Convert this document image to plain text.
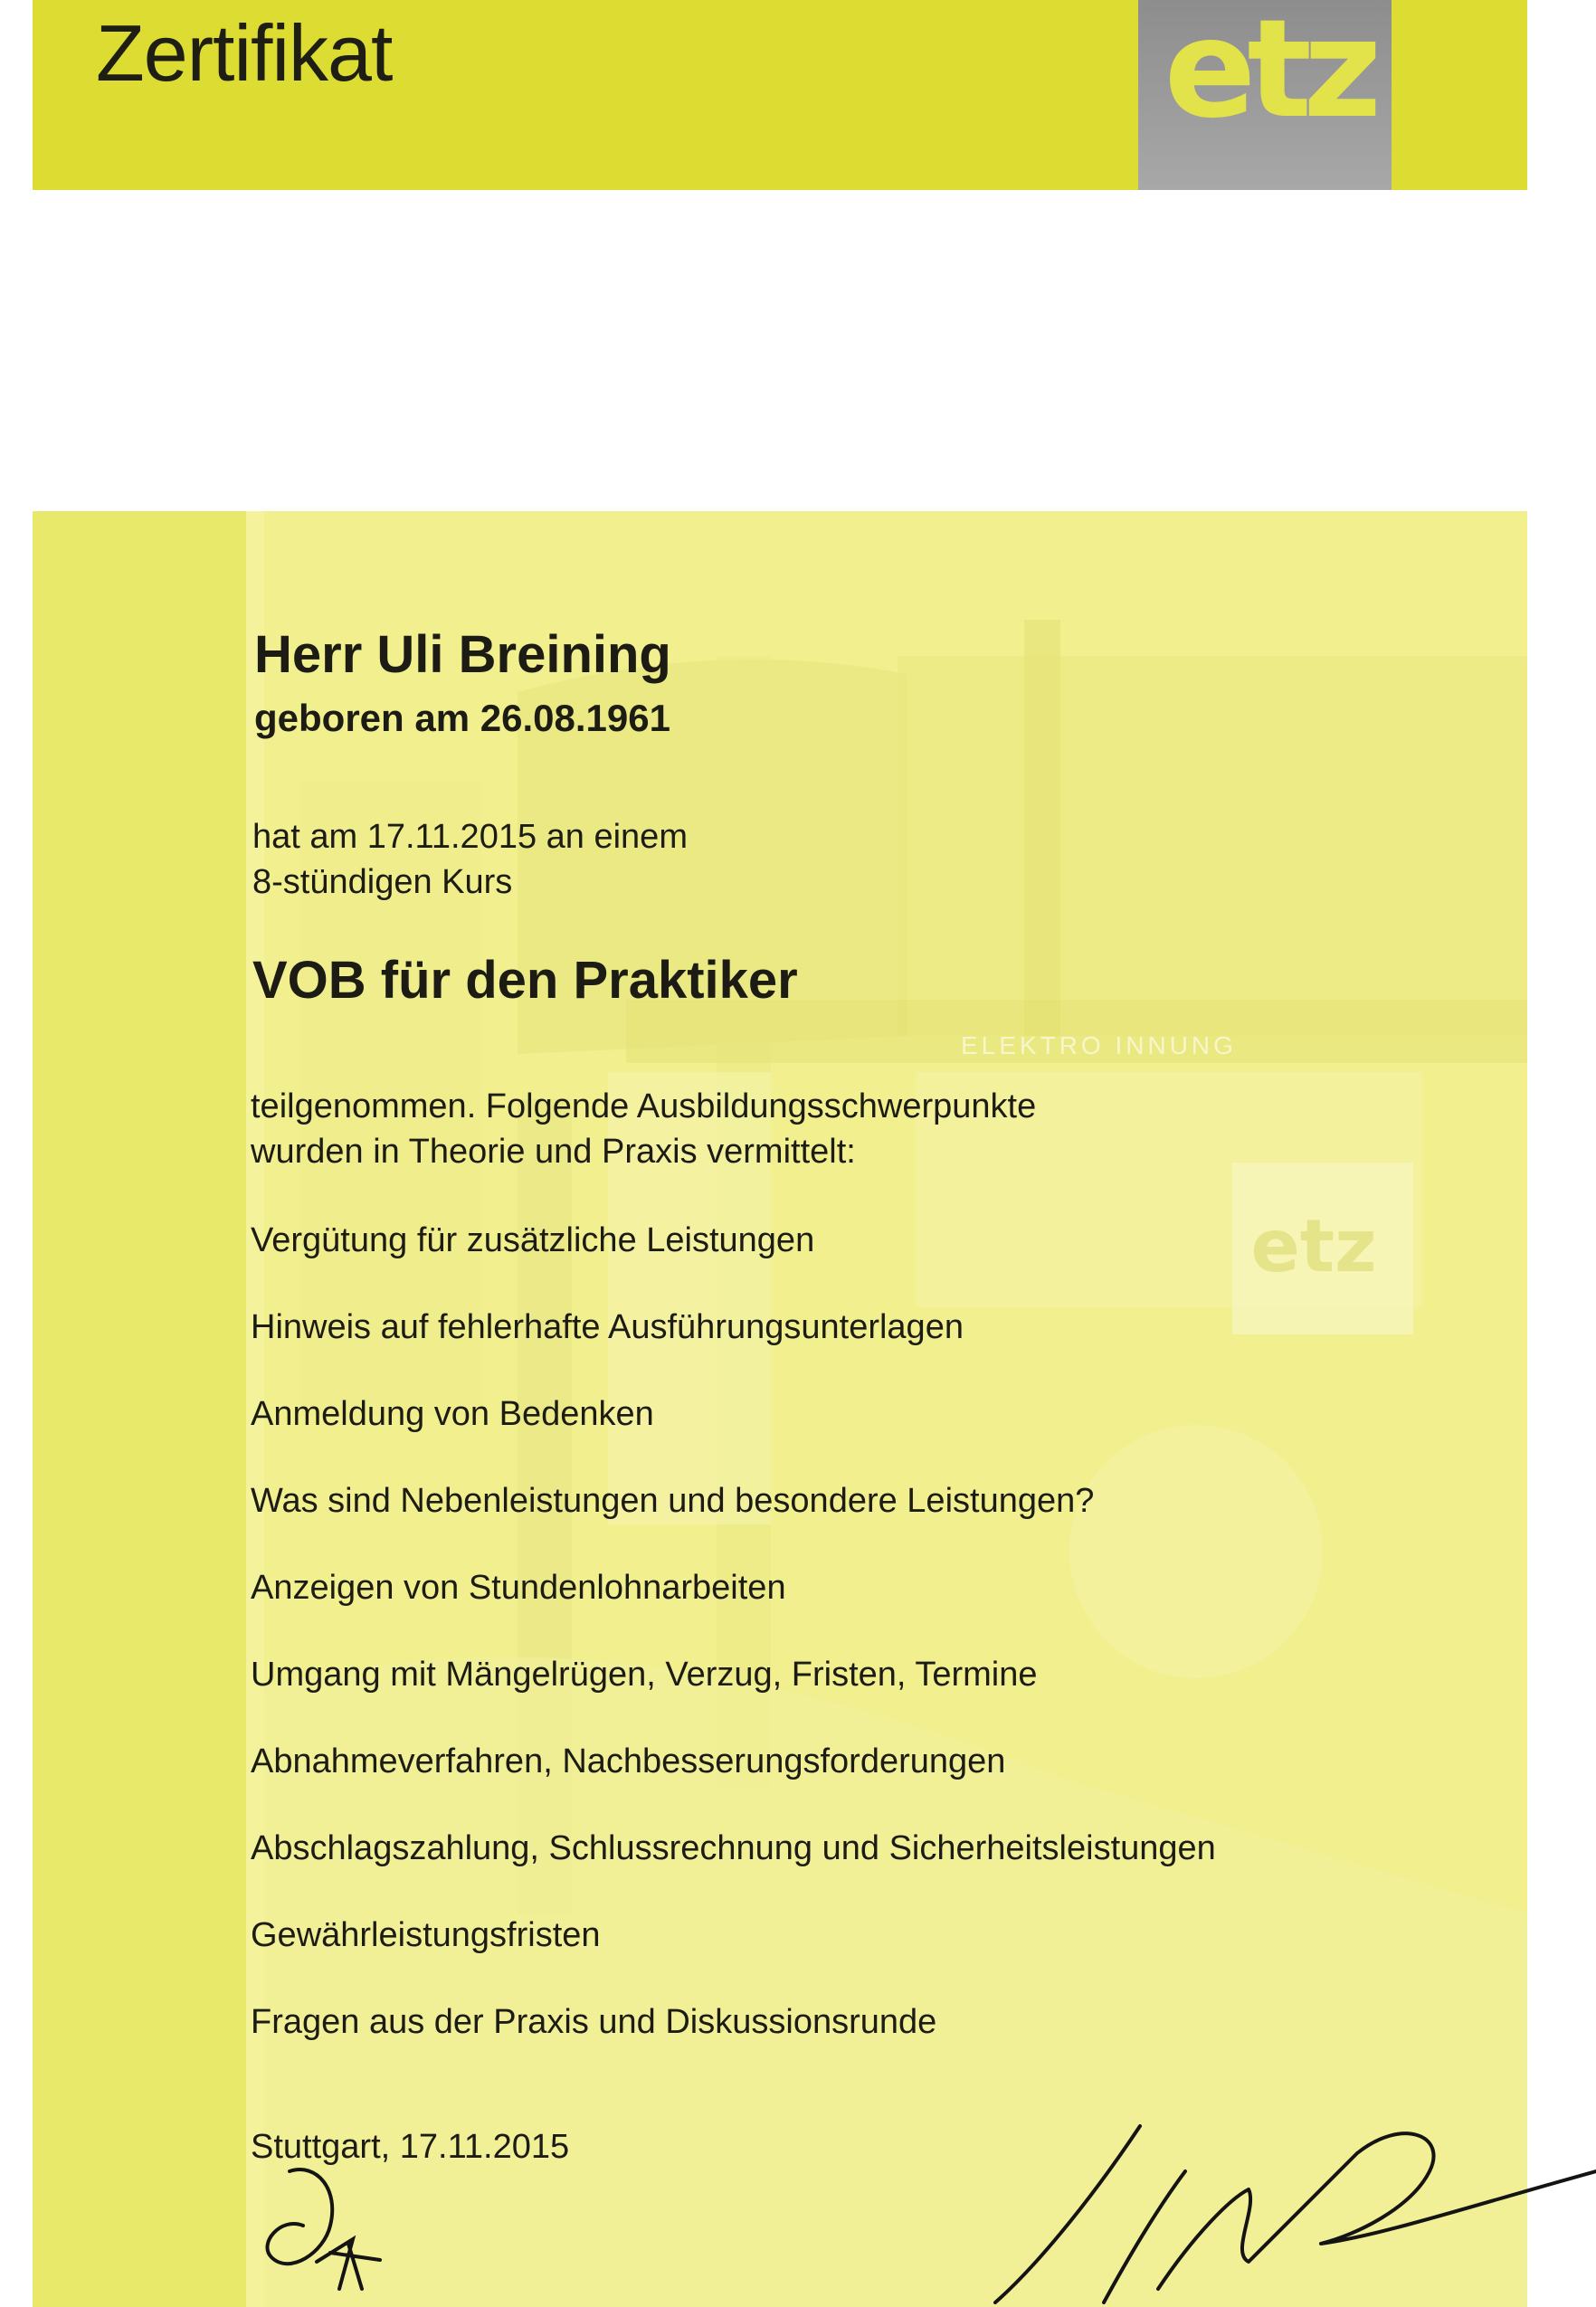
Zertifikat	etz
etz
ELEKTRO INNUNG
Herr Uli Breining
geboren am 26.08.1961
hat am 17.11.2015 an einem
8-stündigen Kurs
VOB für den Praktiker
teilgenommen. Folgende Ausbildungsschwerpunkte
wurden in Theorie und Praxis vermittelt:
Vergütung für zusätzliche Leistungen
Hinweis auf fehlerhafte Ausführungsunterlagen
Anmeldung von Bedenken
Was sind Nebenleistungen und besondere Leistungen?
Anzeigen von Stundenlohnarbeiten
Umgang mit Mängelrügen, Verzug, Fristen, Termine
Abnahmeverfahren, Nachbesserungsforderungen
Abschlagszahlung, Schlussrechnung und Sicherheitsleistungen
Gewährleistungsfristen
Fragen aus der Praxis und Diskussionsrunde
Stuttgart, 17.11.2015
